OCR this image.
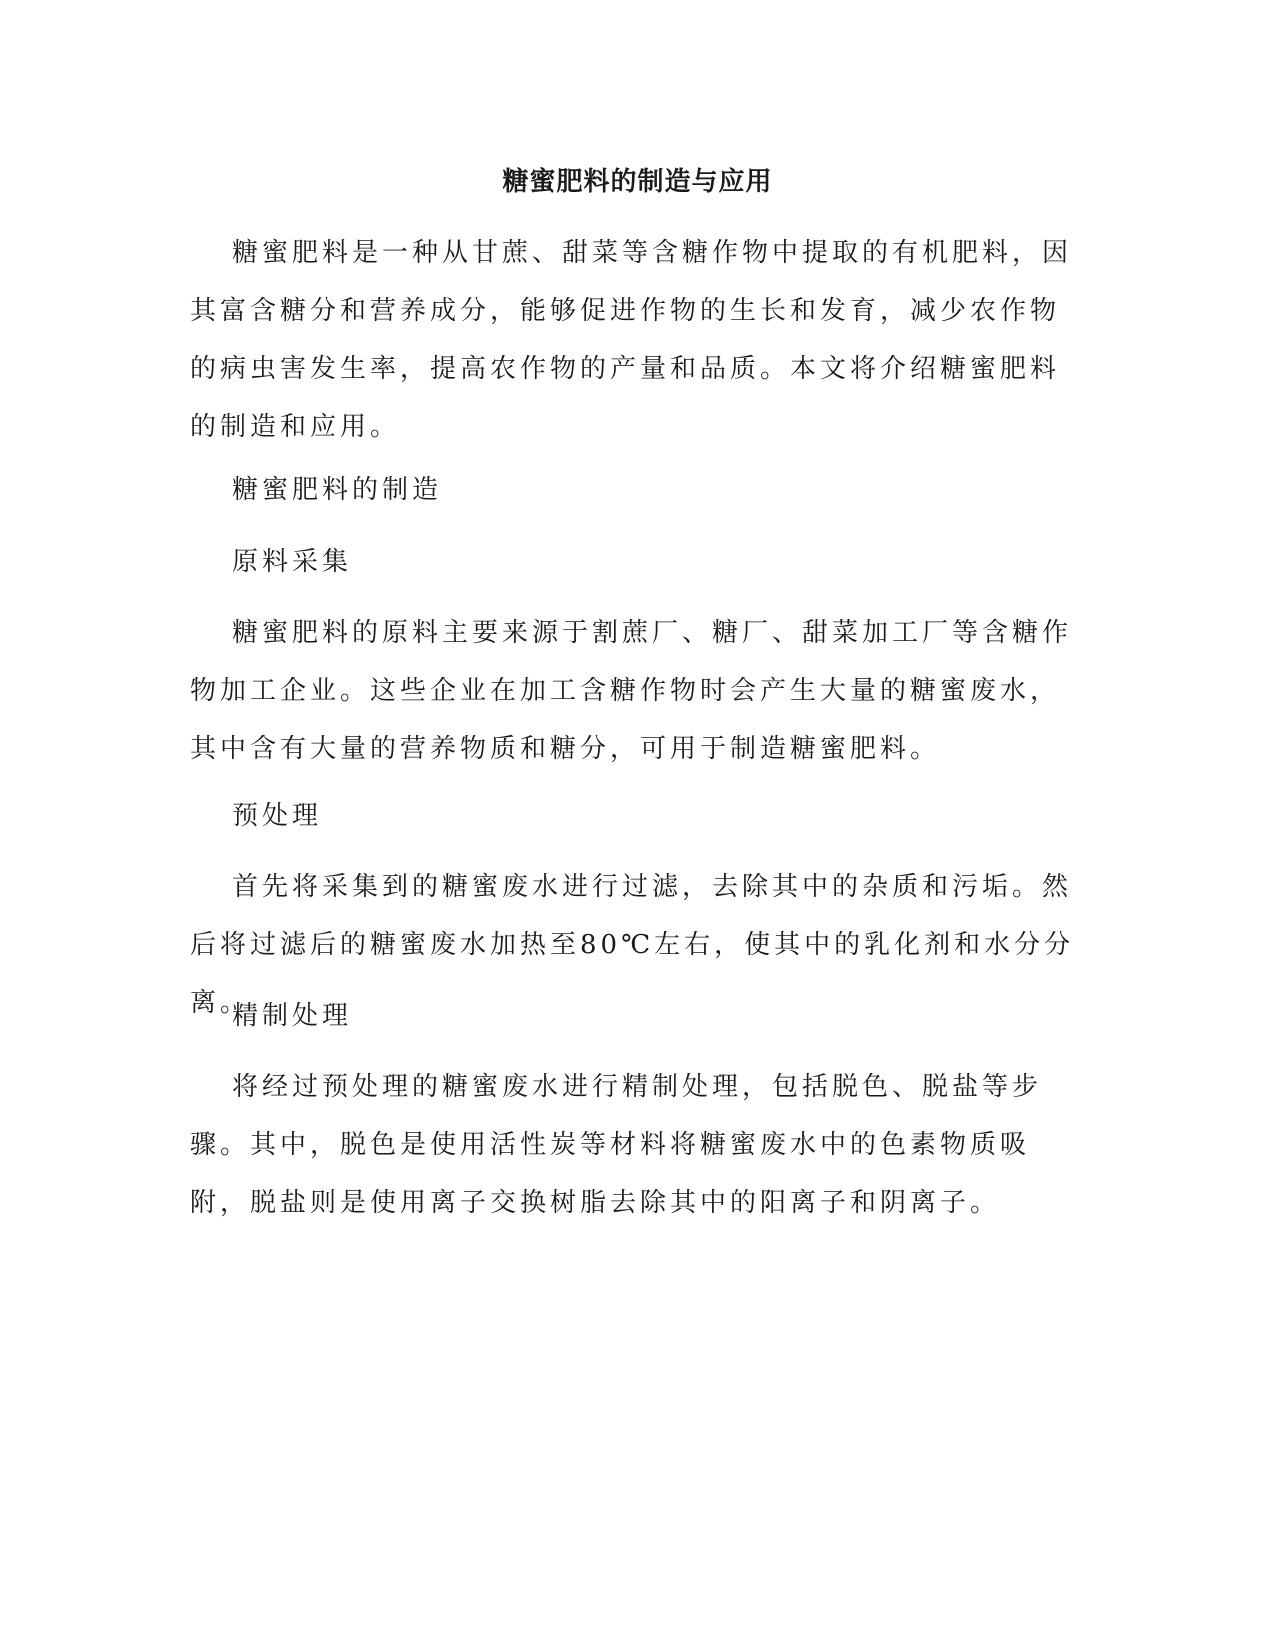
糖蜜肥料的制造与应用

糖蜜肥料是一种从甘蔗、甜菜等含糖作物中提取的有机肥料，因其富含糖分和营养成分，能够促进作物的生长和发育，减少农作物的病虫害发生率，提高农作物的产量和品质。本文将介绍糖蜜肥料的制造和应用。

糖蜜肥料的制造
原料采集

糖蜜肥料的原料主要来源于割蔗厂、糖厂、甜菜加工厂等含糖作物加工企业。这些企业在加工含糖作物时会产生大量的糖蜜废水，其中含有大量的营养物质和糖分，可用于制造糖蜜肥料。

预处理

首先将采集到的糖蜜废水进行过滤，去除其中的杂质和污垢。然后将过滤后的糖蜜废水加热至80℃左右，使其中的乳化剂和水分分离。

精制处理

将经过预处理的糖蜜废水进行精制处理，包括脱色、脱盐等步骤。其中，脱色是使用活性炭等材料将糖蜜废水中的色素物质吸附，脱盐则是使用离子交换树脂去除其中的阳离子和阴离子。
